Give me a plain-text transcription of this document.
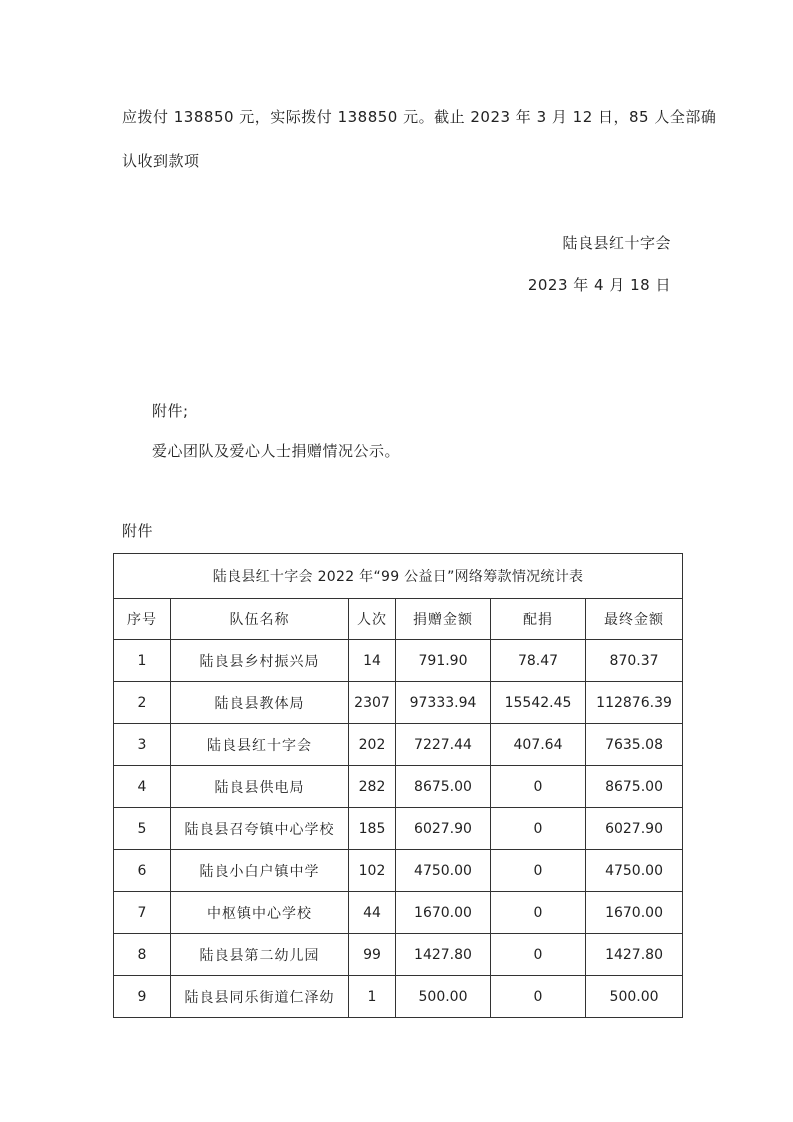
应拨付 138850 元，实际拨付 138850 元。截止 2023 年 3 月 12 日，85 人全部确
认收到款项
陆良县红十字会
2023 年 4 月 18 日
附件;
爱心团队及爱心人士捐赠情况公示。
附件
陆良县红十字会 2022 年“99 公益日”网络筹款情况统计表					
序号	队伍名称	人次	捐赠金额	配捐	最终金额
1	陆良县乡村振兴局	14	791.90	78.47	870.37
2	陆良县教体局	2307	97333.94	15542.45	112876.39
3	陆良县红十字会	202	7227.44	407.64	7635.08
4	陆良县供电局	282	8675.00	0	8675.00
5	陆良县召夸镇中心学校	185	6027.90	0	6027.90
6	陆良小白户镇中学	102	4750.00	0	4750.00
7	中枢镇中心学校	44	1670.00	0	1670.00
8	陆良县第二幼儿园	99	1427.80	0	1427.80
9	陆良县同乐街道仁泽幼	1	500.00	0	500.00
